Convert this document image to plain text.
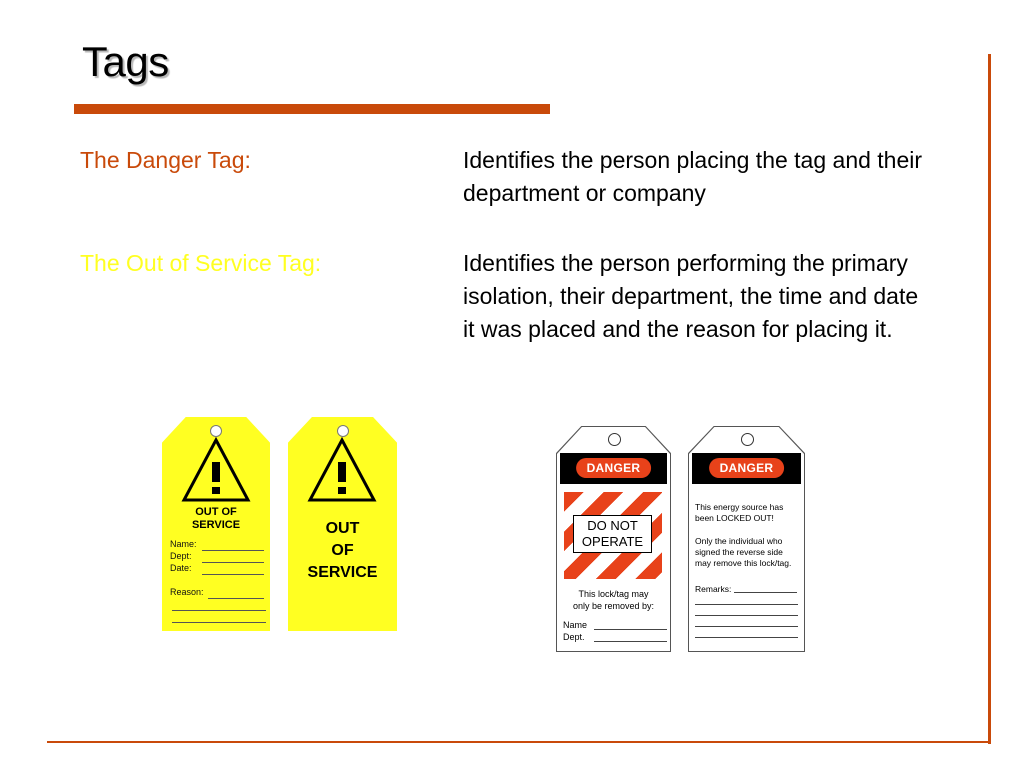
Tags
The Danger Tag:	Identifies the person placing the tag and their department or company
The Out of Service Tag:	Identifies the person performing the primary isolation, their department, the time and date it was placed and the reason for placing it.
OUT OF
SERVICE
Name:
Dept:
Date:
Reason:
OUT
OF
SERVICE
DANGER
DO NOT
OPERATE
This lock/tag may
only be removed by:
Name
Dept.
DANGER
This energy source has
been LOCKED OUT!
Only the individual who
signed the reverse side
may remove this lock/tag.
Remarks:
